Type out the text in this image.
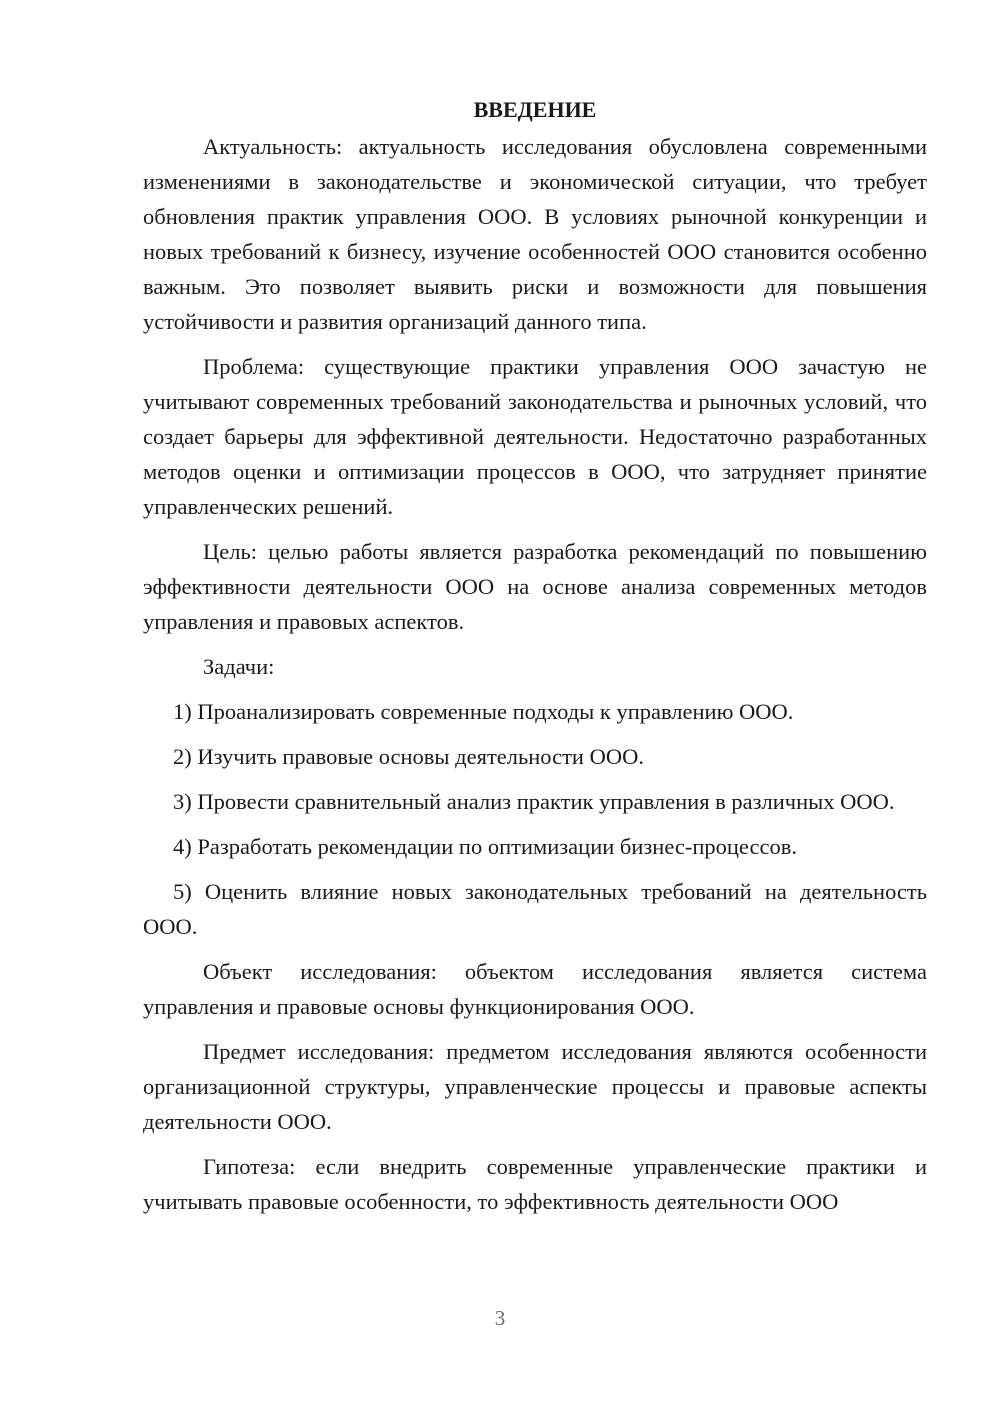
ВВЕДЕНИЕ

Актуальность: актуальность исследования обусловлена современными изменениями в законодательстве и экономической ситуации, что требует обновления практик управления ООО. В условиях рыночной конкуренции и новых требований к бизнесу, изучение особенностей ООО становится особенно важным. Это позволяет выявить риски и возможности для повышения устойчивости и развития организаций данного типа.

Проблема: существующие практики управления ООО зачастую не учитывают современных требований законодательства и рыночных условий, что создает барьеры для эффективной деятельности. Недостаточно разработанных методов оценки и оптимизации процессов в ООО, что затрудняет принятие управленческих решений.

Цель: целью работы является разработка рекомендаций по повышению эффективности деятельности ООО на основе анализа современных методов управления и правовых аспектов.

Задачи:

1) Проанализировать современные подходы к управлению ООО.

2) Изучить правовые основы деятельности ООО.

3) Провести сравнительный анализ практик управления в различных ООО.

4) Разработать рекомендации по оптимизации бизнес-процессов.

5) Оценить влияние новых законодательных требований на деятельность ООО.

Объект исследования: объектом исследования является система управления и правовые основы функционирования ООО.

Предмет исследования: предметом исследования являются особенности организационной структуры, управленческие процессы и правовые аспекты деятельности ООО.

Гипотеза: если внедрить современные управленческие практики и учитывать правовые особенности, то эффективность деятельности ООО

3
